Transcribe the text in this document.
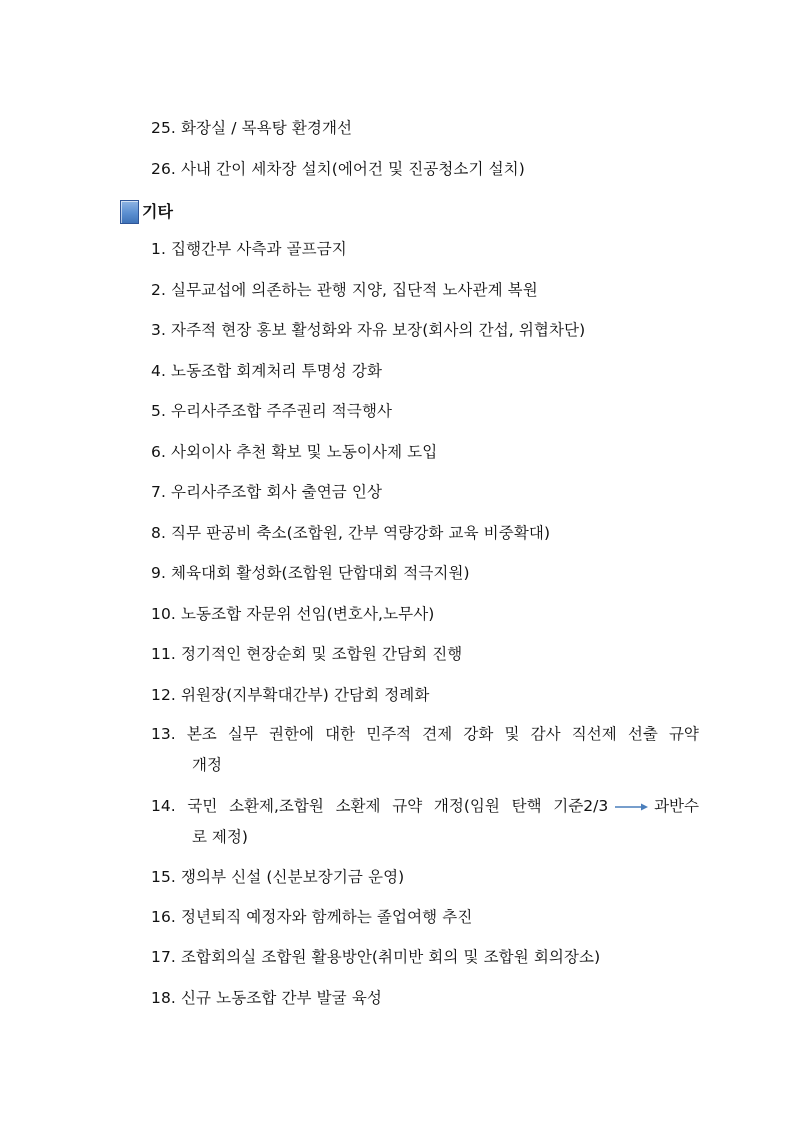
25. 화장실 / 목욕탕 환경개선
26. 사내 간이 세차장 설치(에어건 및 진공청소기 설치)
기타
1. 집행간부 사측과 골프금지
2. 실무교섭에 의존하는 관행 지양, 집단적 노사관계 복원
3. 자주적 현장 홍보 활성화와 자유 보장(회사의 간섭, 위협차단)
4. 노동조합 회계처리 투명성 강화
5. 우리사주조합 주주권리 적극행사
6. 사외이사 추천 확보 및 노동이사제 도입
7. 우리사주조합 회사 출연금 인상
8. 직무 판공비 축소(조합원, 간부 역량강화 교육 비중확대)
9. 체육대회 활성화(조합원 단합대회 적극지원)
10. 노동조합 자문위 선임(변호사,노무사)
11. 정기적인 현장순회 및 조합원 간담회 진행
12. 위원장(지부확대간부) 간담회 정례화
13. 본조 실무 권한에 대한 민주적 견제 강화 및 감사 직선제 선출 규약
개정
14. 국민 소환제,조합원 소환제 규약 개정(임원 탄핵 기준2/3	과반수
로 제정)
15. 쟁의부 신설 (신분보장기금 운영)
16. 정년퇴직 예정자와 함께하는 졸업여행 추진
17. 조합회의실 조합원 활용방안(취미반 회의 및 조합원 회의장소)
18. 신규 노동조합 간부 발굴 육성
